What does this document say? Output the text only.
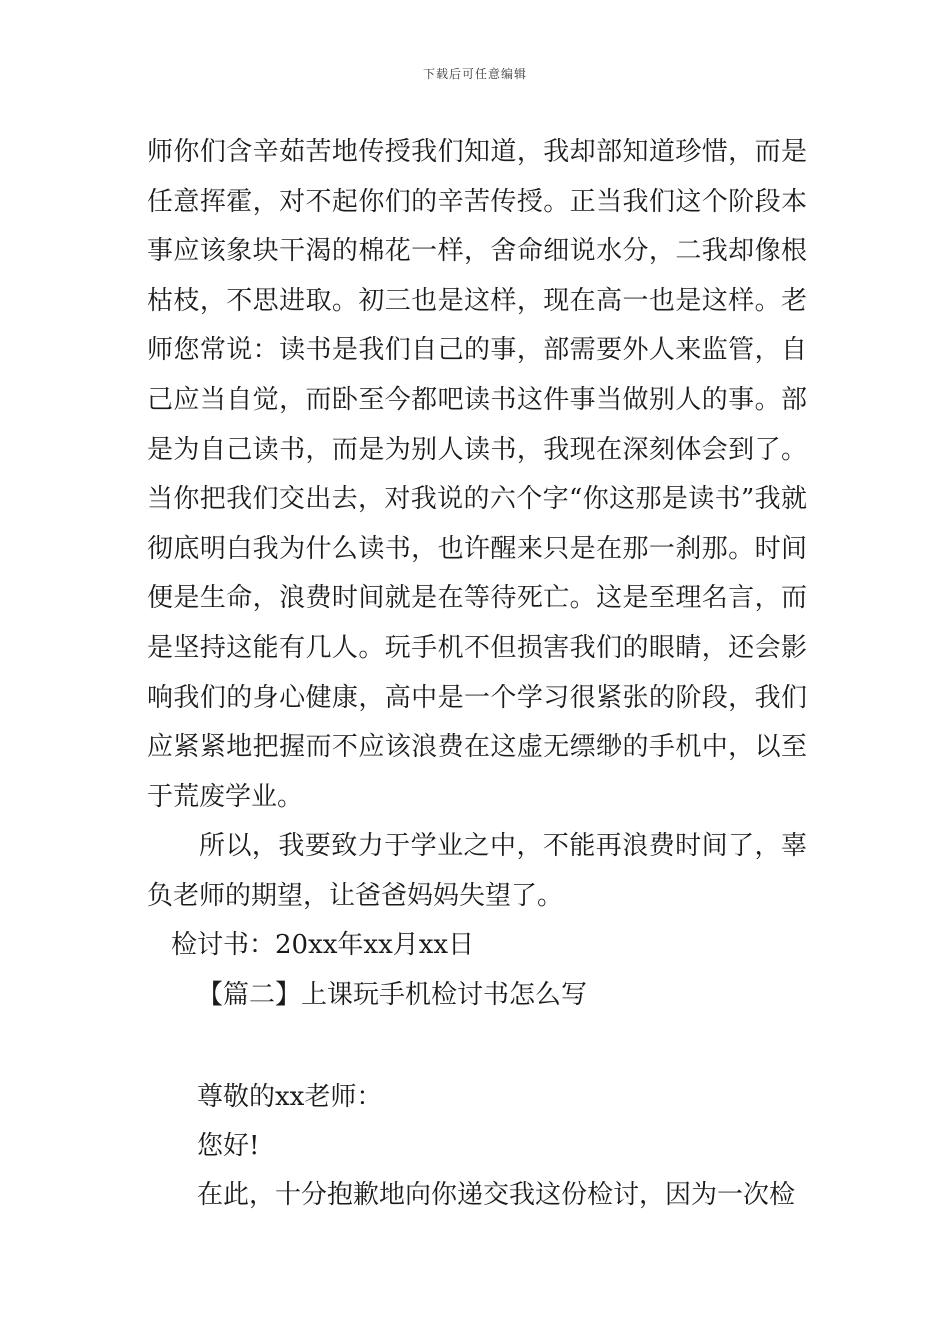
下载后可任意编辑
师你们含辛茹苦地传授我们知道，我却部知道珍惜，而是任意挥霍，对不起你们的辛苦传授。正当我们这个阶段本事应该象块干渴的棉花一样，舍命细说水分，二我却像根枯枝，不思进取。初三也是这样，现在高一也是这样。老师您常说：读书是我们自己的事，部需要外人来监管，自己应当自觉，而卧至今都吧读书这件事当做别人的事。部是为自己读书，而是为别人读书，我现在深刻体会到了。当你把我们交出去，对我说的六个字“你这那是读书”我就彻底明白我为什么读书，也许醒来只是在那一刹那。时间便是生命，浪费时间就是在等待死亡。这是至理名言，而是坚持这能有几人。玩手机不但损害我们的眼睛，还会影响我们的身心健康，高中是一个学习很紧张的阶段，我们应紧紧地把握而不应该浪费在这虚无缥缈的手机中，以至于荒废学业。
所以，我要致力于学业之中，不能再浪费时间了，辜负老师的期望，让爸爸妈妈失望了。
检讨书：20xx年xx月xx日
【篇二】上课玩手机检讨书怎么写
尊敬的xx老师：
您好!
在此，十分抱歉地向你递交我这份检讨，因为一次检
